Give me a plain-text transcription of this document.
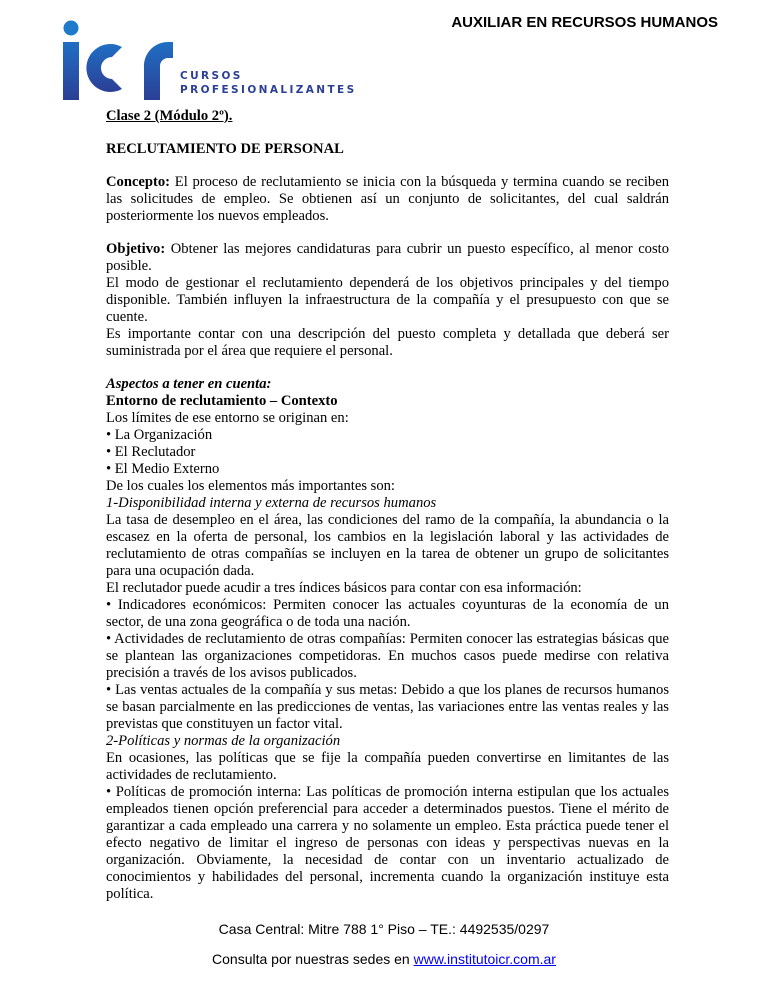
AUXILIAR EN RECURSOS HUMANOS
CURSOS
PROFESIONALIZANTES

Clase 2 (Módulo 2º).

RECLUTAMIENTO DE PERSONAL

Concepto: El proceso de reclutamiento se inicia con la búsqueda y termina cuando se reciben las solicitudes de empleo. Se obtienen así un conjunto de solicitantes, del cual saldrán posteriormente los nuevos empleados.

Objetivo: Obtener las mejores candidaturas para cubrir un puesto específico, al menor costo posible.

El modo de gestionar el reclutamiento dependerá de los objetivos principales y del tiempo disponible. También influyen la infraestructura de la compañía y el presupuesto con que se cuente.

Es importante contar con una descripción del puesto completa y detallada que deberá ser suministrada por el área que requiere el personal.

Aspectos a tener en cuenta:

Entorno de reclutamiento – Contexto

Los límites de ese entorno se originan en:

• La Organización

• El Reclutador

• El Medio Externo

De los cuales los elementos más importantes son:

1-Disponibilidad interna y externa de recursos humanos

La tasa de desempleo en el área, las condiciones del ramo de la compañía, la abundancia o la escasez en la oferta de personal, los cambios en la legislación laboral y las actividades de reclutamiento de otras compañías se incluyen en la tarea de obtener un grupo de solicitantes para una ocupación dada.

El reclutador puede acudir a tres índices básicos para contar con esa información:

• Indicadores económicos: Permiten conocer las actuales coyunturas de la economía de un sector, de una zona geográfica o de toda una nación.

• Actividades de reclutamiento de otras compañías: Permiten conocer las estrategias básicas que se plantean las organizaciones competidoras. En muchos casos puede medirse con relativa precisión a través de los avisos publicados.

• Las ventas actuales de la compañía y sus metas: Debido a que los planes de recursos humanos se basan parcialmente en las predicciones de ventas, las variaciones entre las ventas reales y las previstas que constituyen un factor vital.

2-Políticas y normas de la organización

En ocasiones, las políticas que se fije la compañía pueden convertirse en limitantes de las actividades de reclutamiento.

• Políticas de promoción interna: Las políticas de promoción interna estipulan que los actuales empleados tienen opción preferencial para acceder a determinados puestos. Tiene el mérito de garantizar a cada empleado una carrera y no solamente un empleo. Esta práctica puede tener el efecto negativo de limitar el ingreso de personas con ideas y perspectivas nuevas en la organización. Obviamente, la necesidad de contar con un inventario actualizado de conocimientos y habilidades del personal, incrementa cuando la organización instituye esta política.

Casa Central: Mitre 788 1° Piso – TE.: 4492535/0297
Consulta por nuestras sedes en www.institutoicr.com.ar
